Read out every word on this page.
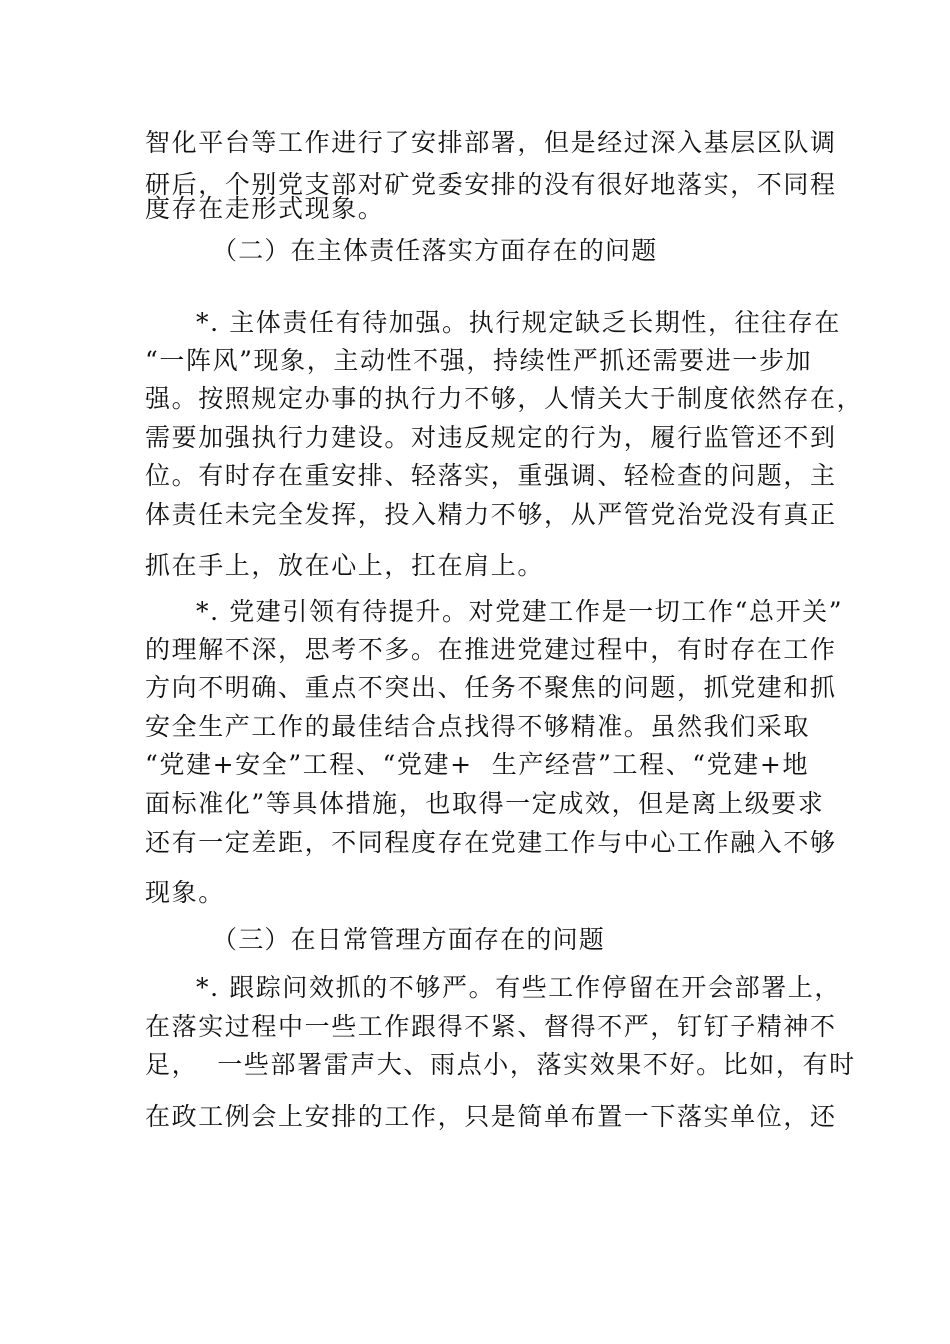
智化平台等工作进行了安排部署，但是经过深入基层区队调
研后，个别党支部对矿党委安排的没有很好地落实，不同程
度存在走形式现象。
（二）在主体责任落实方面存在的问题
*. 主体责任有待加强。执行规定缺乏长期性，往往存在
“一阵风”现象，主动性不强，持续性严抓还需要进一步加
强。按照规定办事的执行力不够，人情关大于制度依然存在，
需要加强执行力建设。对违反规定的行为，履行监管还不到
位。有时存在重安排、轻落实，重强调、轻检查的问题，主
体责任未完全发挥，投入精力不够，从严管党治党没有真正
抓在手上，放在心上，扛在肩上。
*. 党建引领有待提升。对党建工作是一切工作“总开关”
的理解不深，思考不多。在推进党建过程中，有时存在工作
方向不明确、重点不突出、任务不聚焦的问题，抓党建和抓
安全生产工作的最佳结合点找得不够精准。虽然我们采取
“党建+安全”工程、“党建+  生产经营”工程、“党建+地
面标准化”等具体措施，也取得一定成效，但是离上级要求
还有一定差距，不同程度存在党建工作与中心工作融入不够
现象。
（三）在日常管理方面存在的问题
*. 跟踪问效抓的不够严。有些工作停留在开会部署上，
在落实过程中一些工作跟得不紧、督得不严，钉钉子精神不
足，  一些部署雷声大、雨点小，落实效果不好。比如，有时
在政工例会上安排的工作，只是简单布置一下落实单位，还
